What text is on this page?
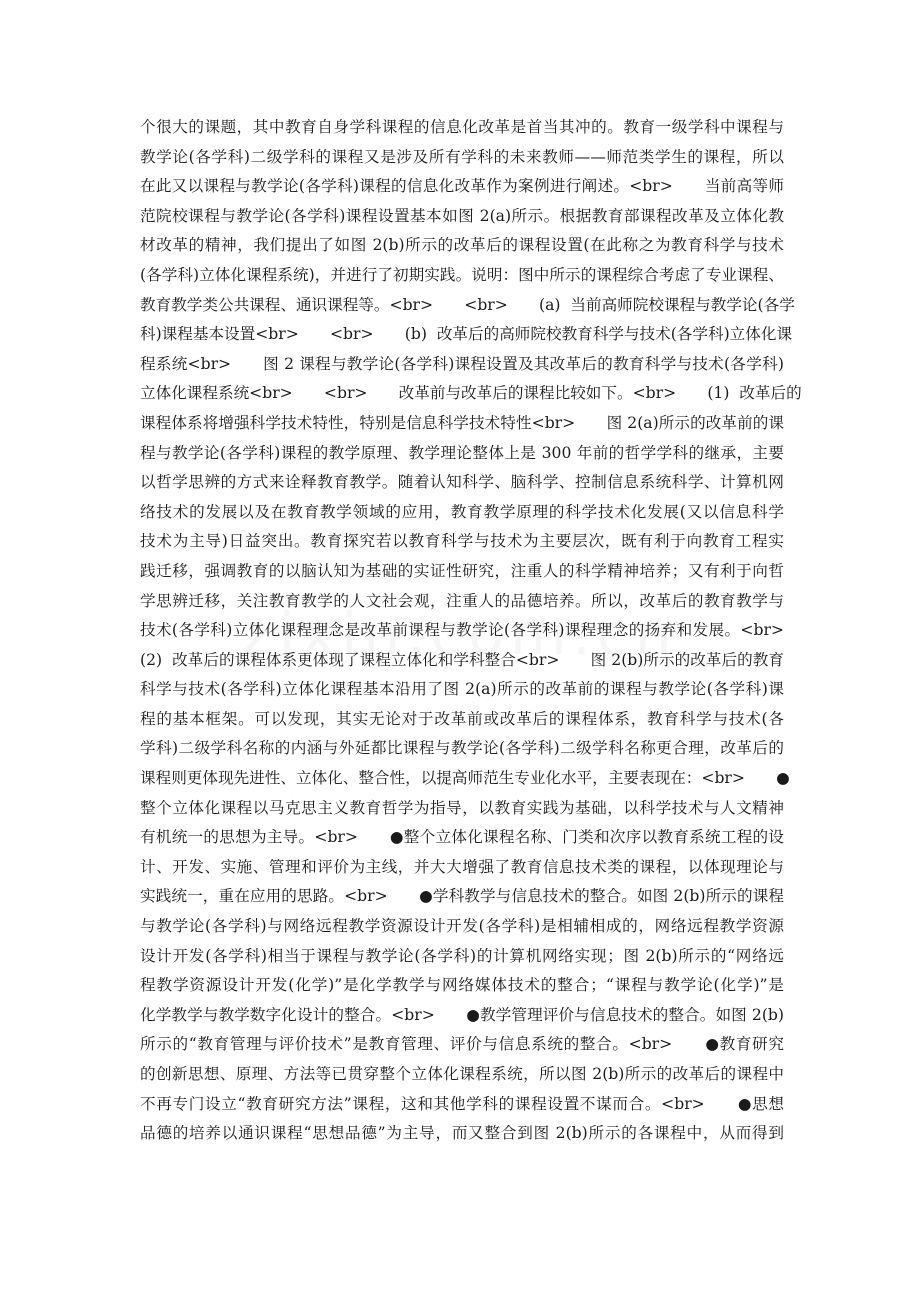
个很大的课题，其中教育自身学科课程的信息化改革是首当其冲的。教育一级学科中课程与
教学论(各学科)二级学科的课程又是涉及所有学科的未来教师——师范类学生的课程，所以
在此又以课程与教学论(各学科)课程的信息化改革作为案例进行阐述。<br>　　当前高等师
范院校课程与教学论(各学科)课程设置基本如图 2(a)所示。根据教育部课程改革及立体化教
材改革的精神，我们提出了如图 2(b)所示的改革后的课程设置(在此称之为教育科学与技术
(各学科)立体化课程系统)，并进行了初期实践。说明：图中所示的课程综合考虑了专业课程、
教育教学类公共课程、通识课程等。<br>　　<br>　　(a)  当前高师院校课程与教学论(各学
科)课程基本设置<br>　　<br>　　(b)  改革后的高师院校教育科学与技术(各学科)立体化课
程系统<br>　　图 2 课程与教学论(各学科)课程设置及其改革后的教育科学与技术(各学科)
立体化课程系统<br>　　<br>　　改革前与改革后的课程比较如下。<br>　　(1)  改革后的
课程体系将增强科学技术特性，特别是信息科学技术特性<br>　　图 2(a)所示的改革前的课
程与教学论(各学科)课程的教学原理、教学理论整体上是 300 年前的哲学学科的继承，主要
以哲学思辨的方式来诠释教育教学。随着认知科学、脑科学、控制信息系统科学、计算机网
络技术的发展以及在教育教学领域的应用，教育教学原理的科学技术化发展(又以信息科学
技术为主导)日益突出。教育探究若以教育科学与技术为主要层次，既有利于向教育工程实
践迁移，强调教育的以脑认知为基础的实证性研究，注重人的科学精神培养；又有利于向哲
学思辨迁移，关注教育教学的人文社会观，注重人的品德培养。所以，改革后的教育教学与
技术(各学科)立体化课程理念是改革前课程与教学论(各学科)课程理念的扬弃和发展。<br>
(2)  改革后的课程体系更体现了课程立体化和学科整合<br>　　图 2(b)所示的改革后的教育
科学与技术(各学科)立体化课程基本沿用了图 2(a)所示的改革前的课程与教学论(各学科)课
程的基本框架。可以发现，其实无论对于改革前或改革后的课程体系，教育科学与技术(各
学科)二级学科名称的内涵与外延都比课程与教学论(各学科)二级学科名称更合理，改革后的
课程则更体现先进性、立体化、整合性，以提高师范生专业化水平，主要表现在：<br>　　●
整个立体化课程以马克思主义教育哲学为指导，以教育实践为基础，以科学技术与人文精神
有机统一的思想为主导。<br>　　●整个立体化课程名称、门类和次序以教育系统工程的设
计、开发、实施、管理和评价为主线，并大大增强了教育信息技术类的课程，以体现理论与
实践统一，重在应用的思路。<br>　　●学科教学与信息技术的整合。如图 2(b)所示的课程
与教学论(各学科)与网络远程教学资源设计开发(各学科)是相辅相成的，网络远程教学资源
设计开发(各学科)相当于课程与教学论(各学科)的计算机网络实现；图 2(b)所示的“网络远
程教学资源设计开发(化学)”是化学教学与网络媒体技术的整合；“课程与教学论(化学)”是
化学教学与教学数字化设计的整合。<br>　　●教学管理评价与信息技术的整合。如图 2(b)
所示的“教育管理与评价技术”是教育管理、评价与信息系统的整合。<br>　　●教育研究
的创新思想、原理、方法等已贯穿整个立体化课程系统，所以图 2(b)所示的改革后的课程中
不再专门设立“教育研究方法”课程，这和其他学科的课程设置不谋而合。<br>　　●思想
品德的培养以通识课程“思想品德”为主导，而又整合到图 2(b)所示的各课程中，从而得到
